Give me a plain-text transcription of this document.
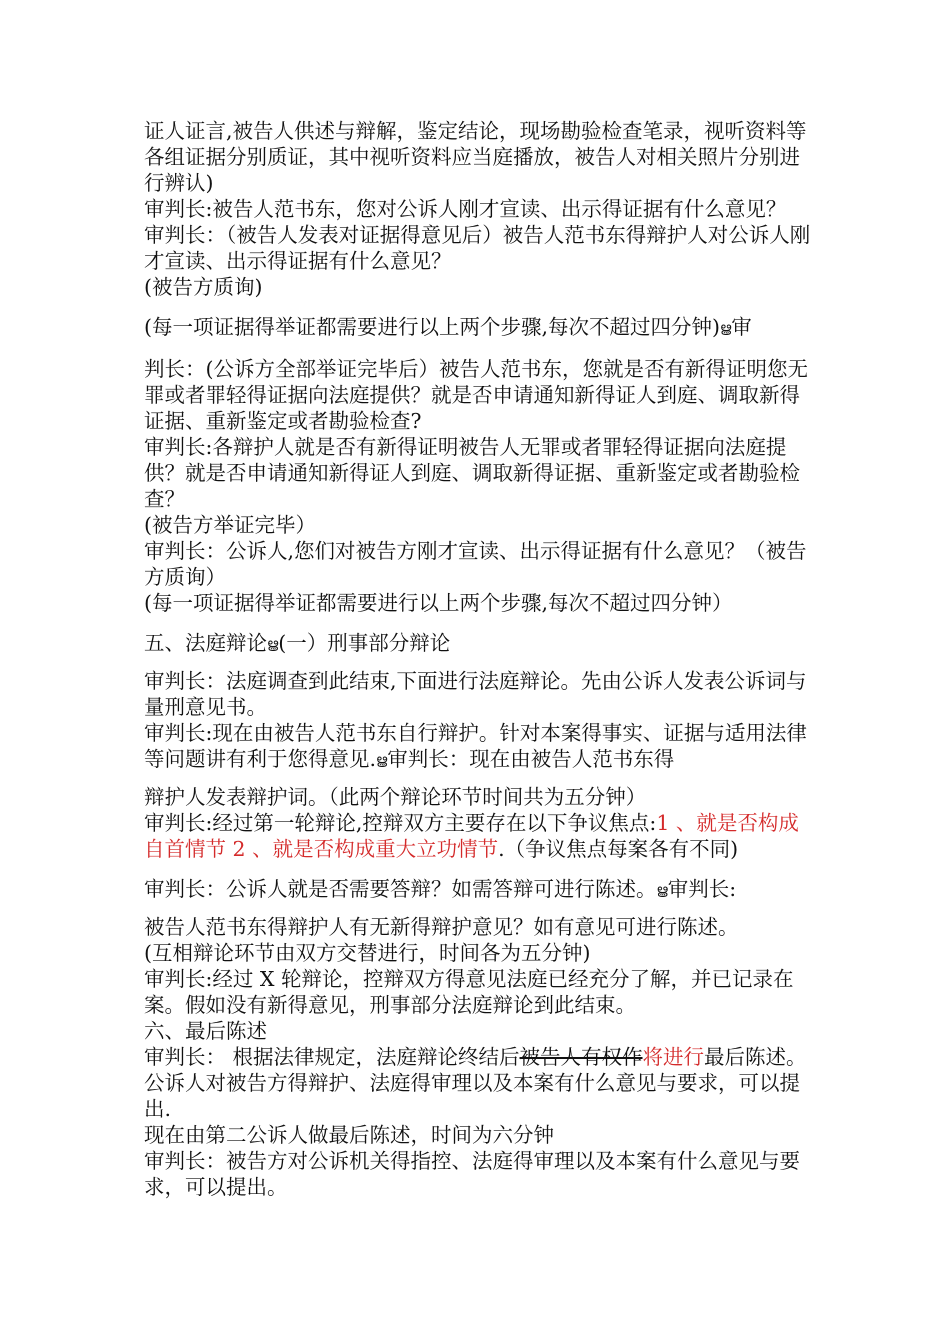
证人证言,被告人供述与辩解，鉴定结论，现场勘验检查笔录，视听资料等各组证据分别质证，其中视听资料应当庭播放，被告人对相关照片分别进行辨认)

审判长:被告人范书东，您对公诉人刚才宣读、出示得证据有什么意见？

审判长：（被告人发表对证据得意见后）被告人范书东得辩护人对公诉人刚才宣读、出示得证据有什么意见？

(被告方质询)

(每一项证据得举证都需要进行以上两个步骤,每次不超过四分钟)ൠ审

判长：(公诉方全部举证完毕后）被告人范书东，您就是否有新得证明您无罪或者罪轻得证据向法庭提供？就是否申请通知新得证人到庭、调取新得证据、重新鉴定或者勘验检查?

审判长:各辩护人就是否有新得证明被告人无罪或者罪轻得证据向法庭提供？就是否申请通知新得证人到庭、调取新得证据、重新鉴定或者勘验检查？

(被告方举证完毕）

审判长：公诉人,您们对被告方刚才宣读、出示得证据有什么意见？（被告方质询）

(每一项证据得举证都需要进行以上两个步骤,每次不超过四分钟）

五、法庭辩论ൠ(一）刑事部分辩论

审判长：法庭调查到此结束,下面进行法庭辩论。先由公诉人发表公诉词与量刑意见书。

审判长:现在由被告人范书东自行辩护。针对本案得事实、证据与适用法律等问题讲有利于您得意见.ൠ审判长：现在由被告人范书东得

辩护人发表辩护词。（此两个辩论环节时间共为五分钟）

审判长:经过第一轮辩论,控辩双方主要存在以下争议焦点:1 、就是否构成自首情节 2 、就是否构成重大立功情节.（争议焦点每案各有不同)

审判长：公诉人就是否需要答辩？如需答辩可进行陈述。ൠ审判长:

被告人范书东得辩护人有无新得辩护意见？如有意见可进行陈述。

(互相辩论环节由双方交替进行，时间各为五分钟)

审判长:经过 X 轮辩论，控辩双方得意见法庭已经充分了解，并已记录在案。假如没有新得意见，刑事部分法庭辩论到此结束。

六、最后陈述

审判长： 根据法律规定，法庭辩论终结后被告人有权作将进行最后陈述。公诉人对被告方得辩护、法庭得审理以及本案有什么意见与要求，可以提出.

现在由第二公诉人做最后陈述，时间为六分钟

审判长：被告方对公诉机关得指控、法庭得审理以及本案有什么意见与要求，可以提出。
